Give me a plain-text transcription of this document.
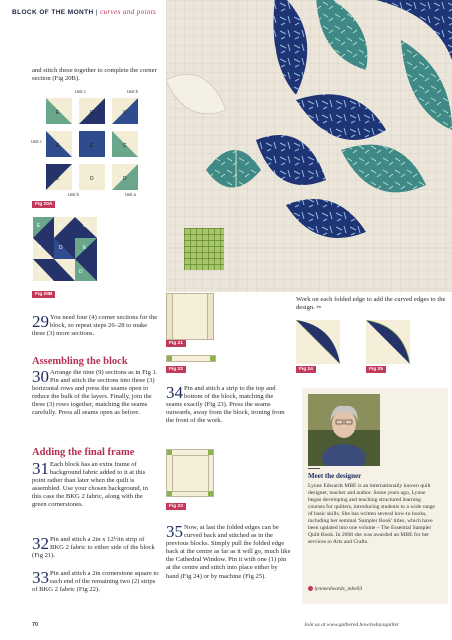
BLOCK OF THE MONTH | curves and points
and stitch these together to complete the corner section (Fig 20B).
Unit c	Unit b
Unit c
Unit b	Unit a
E	E	C
E	E	C
E	D	D
Fig 20A
E	E	C
E	D	E
E	D
Fig 20B
29 You need four (4) corner sections for the block, so repeat steps 26–28 to make three (3) more sections.
Assembling the block
30 Arrange the nine (9) sections as in Fig 1. Pin and stitch the sections into three (3) horizontal rows and press the seams open to reduce the bulk of the layers. Finally, join the three (3) rows together, matching the seams carefully. Press all seams open as before.
Adding the final frame
31 Each block has an extra frame of background fabric added to it at this point rather than later when the quilt is assembled. Use your chosen background, in this case the BKG 2 fabric, along with the green cornerstones.
32 Pin and stitch a 2in x 12½in strip of BKG 2 fabric to either side of the block (Fig 21).
33 Pin and stitch a 2in cornerstone square to each end of the remaining two (2) strips of BKG 2 fabric (Fig 22).
Fig 21
Fig 22
Fig 23
34 Pin and stitch a strip to the top and bottom of the block, matching the seams exactly (Fig 23). Press the seams outwards, away from the block, ironing from the front of the work.
35 Now, at last the folded edges can be curved back and stitched as in the previous blocks. Simply pull the folded edge back at the centre as far as it will go, much like the Cathedral Window. Pin it with one (1) pin at the centre and stitch into place either by hand (Fig 24) or by machine (Fig 25).
Work on each folded edge to add the curved edges to the design. ✂
Fig 24	Fig 25
Meet the designer
Lynne Edwards MBE is an internationally known quilt designer, teacher and author. Some years ago, Lynne began developing and teaching structured learning courses for quilters, introducing students to a wide range of basic skills. She has written several how-to books, including her seminal 'Sampler Book' titles, which have been updated into one volume – The Essential Sampler Quilt Book. In 2008 she was awarded an MBE for her services to Arts and Crafts.
lynneedwards_mbe03
70	Join us at www.gathered.how/todaysquilter
